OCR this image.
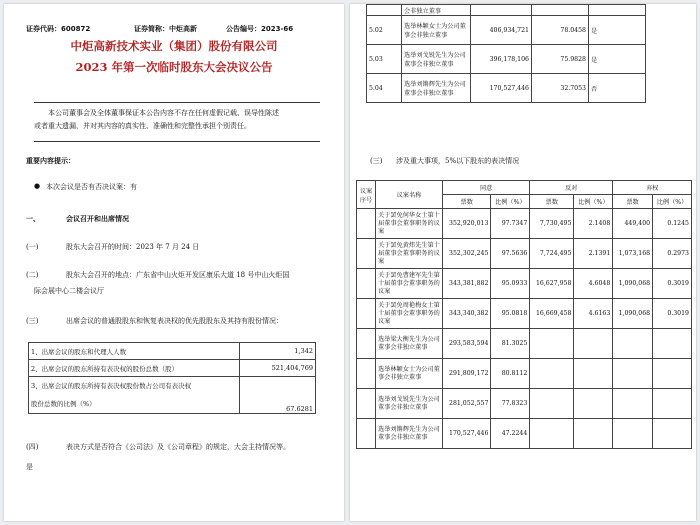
证券代码：600872	证券简称：中炬高新	公告编号：2023-66
中炬高新技术实业（集团）股份有限公司
2023 年第一次临时股东大会决议公告
本公司董事会及全体董事保证本公告内容不存在任何虚假记载、误导性陈述
或者重大遗漏，并对其内容的真实性、准确性和完整性承担个别责任。
重要内容提示：
● 本次会议是否有否决议案：有
一、	会议召开和出席情况
(一)	股东大会召开的时间：2023 年 7 月 24 日
(二)	股东大会召开的地点：广东省中山火炬开发区康乐大道 18 号中山火炬国
际会展中心二楼会议厅
(三)	出席会议的普通股股东和恢复表决权的优先股股东及其持有股份情况：
1、出席会议的股东和代理人人数	1,342
2、出席会议的股东所持有表决权的股份总数（股）	521,404,769

3、出席会议的股东所持有表决权股份数占公司有表决权
股份总数的比例（%）	67.6281
(四)	表决方式是否符合《公司法》及《公司章程》的规定，大会主持情况等。
是
	会非独立董事			
5.02	选举林颖女士为公司董事会非独立董事	406,934,721	78.0458	是
5.03	选举刘戈锐先生为公司董事会非独立董事	396,178,106	75.9828	是
5.04	选举刘锵辉先生为公司董事会非独立董事	170,527,446	32.7053	否
(三) 涉及重大事项，5%以下股东的表决情况
议案序号	议案名称	同意		反对		弃权	
		票数	比例（%）	票数	比例（%）	票数	比例（%）
	关于罢免何华女士第十届董事会董事职务的议案	352,920,013	97.7347	7,730,495	2.1408	449,400	0.1245
	关于罢免黄炜先生第十届董事会董事职务的议案	352,302,245	97.5636	7,724,495	2.1391	1,073,168	0.2973
	关于罢免曹建军先生第十届董事会董事职务的议案	343,381,882	95.0933	16,627,958	4.6048	1,090,068	0.3019
	关于罢免周艳梅女士第十届董事会董事职务的议案	343,340,382	95.0818	16,669,458	4.6163	1,090,068	0.3019
	选举梁大衡先生为公司董事会非独立董事	293,583,594	81.3025				
	选举林颖女士为公司董事会非独立董事	291,809,172	80.8112				
	选举刘戈锐先生为公司董事会非独立董事	281,052,557	77.8323				
	选举刘锵辉先生为公司董事会非独立董事	170,527,446	47.2244				
